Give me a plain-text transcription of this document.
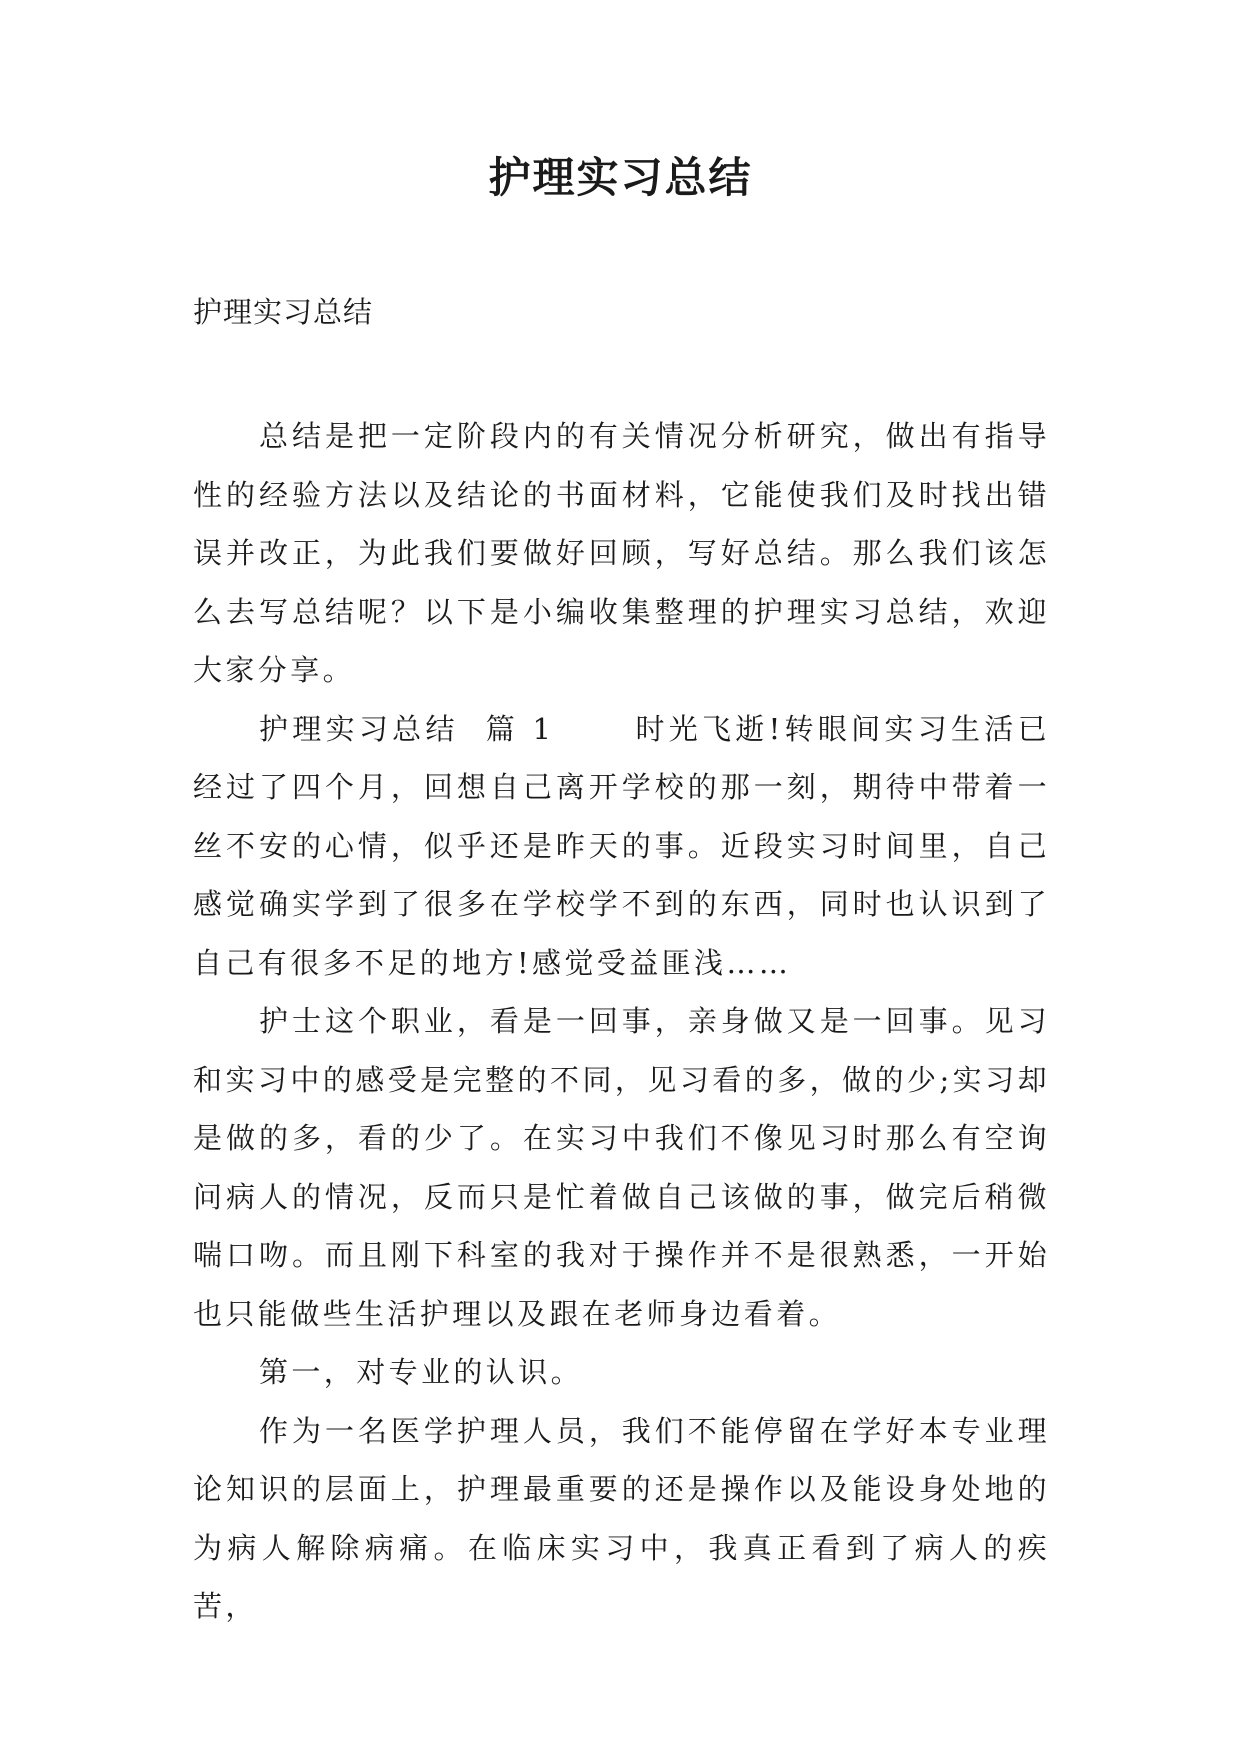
护理实习总结

护理实习总结

总结是把一定阶段内的有关情况分析研究，做出有指导性的经验方法以及结论的书面材料，它能使我们及时找出错误并改正，为此我们要做好回顾，写好总结。那么我们该怎么去写总结呢？以下是小编收集整理的护理实习总结，欢迎大家分享。

护理实习总结  篇 1      时光飞逝!转眼间实习生活已经过了四个月，回想自己离开学校的那一刻，期待中带着一丝不安的心情，似乎还是昨天的事。近段实习时间里，自己感觉确实学到了很多在学校学不到的东西，同时也认识到了自己有很多不足的地方!感觉受益匪浅……

护士这个职业，看是一回事，亲身做又是一回事。见习和实习中的感受是完整的不同，见习看的多，做的少;实习却是做的多，看的少了。在实习中我们不像见习时那么有空询问病人的情况，反而只是忙着做自己该做的事，做完后稍微喘口吻。而且刚下科室的我对于操作并不是很熟悉，一开始也只能做些生活护理以及跟在老师身边看着。

第一，对专业的认识。

作为一名医学护理人员，我们不能停留在学好本专业理论知识的层面上，护理最重要的还是操作以及能设身处地的为病人解除病痛。在临床实习中，我真正看到了病人的疾苦，
